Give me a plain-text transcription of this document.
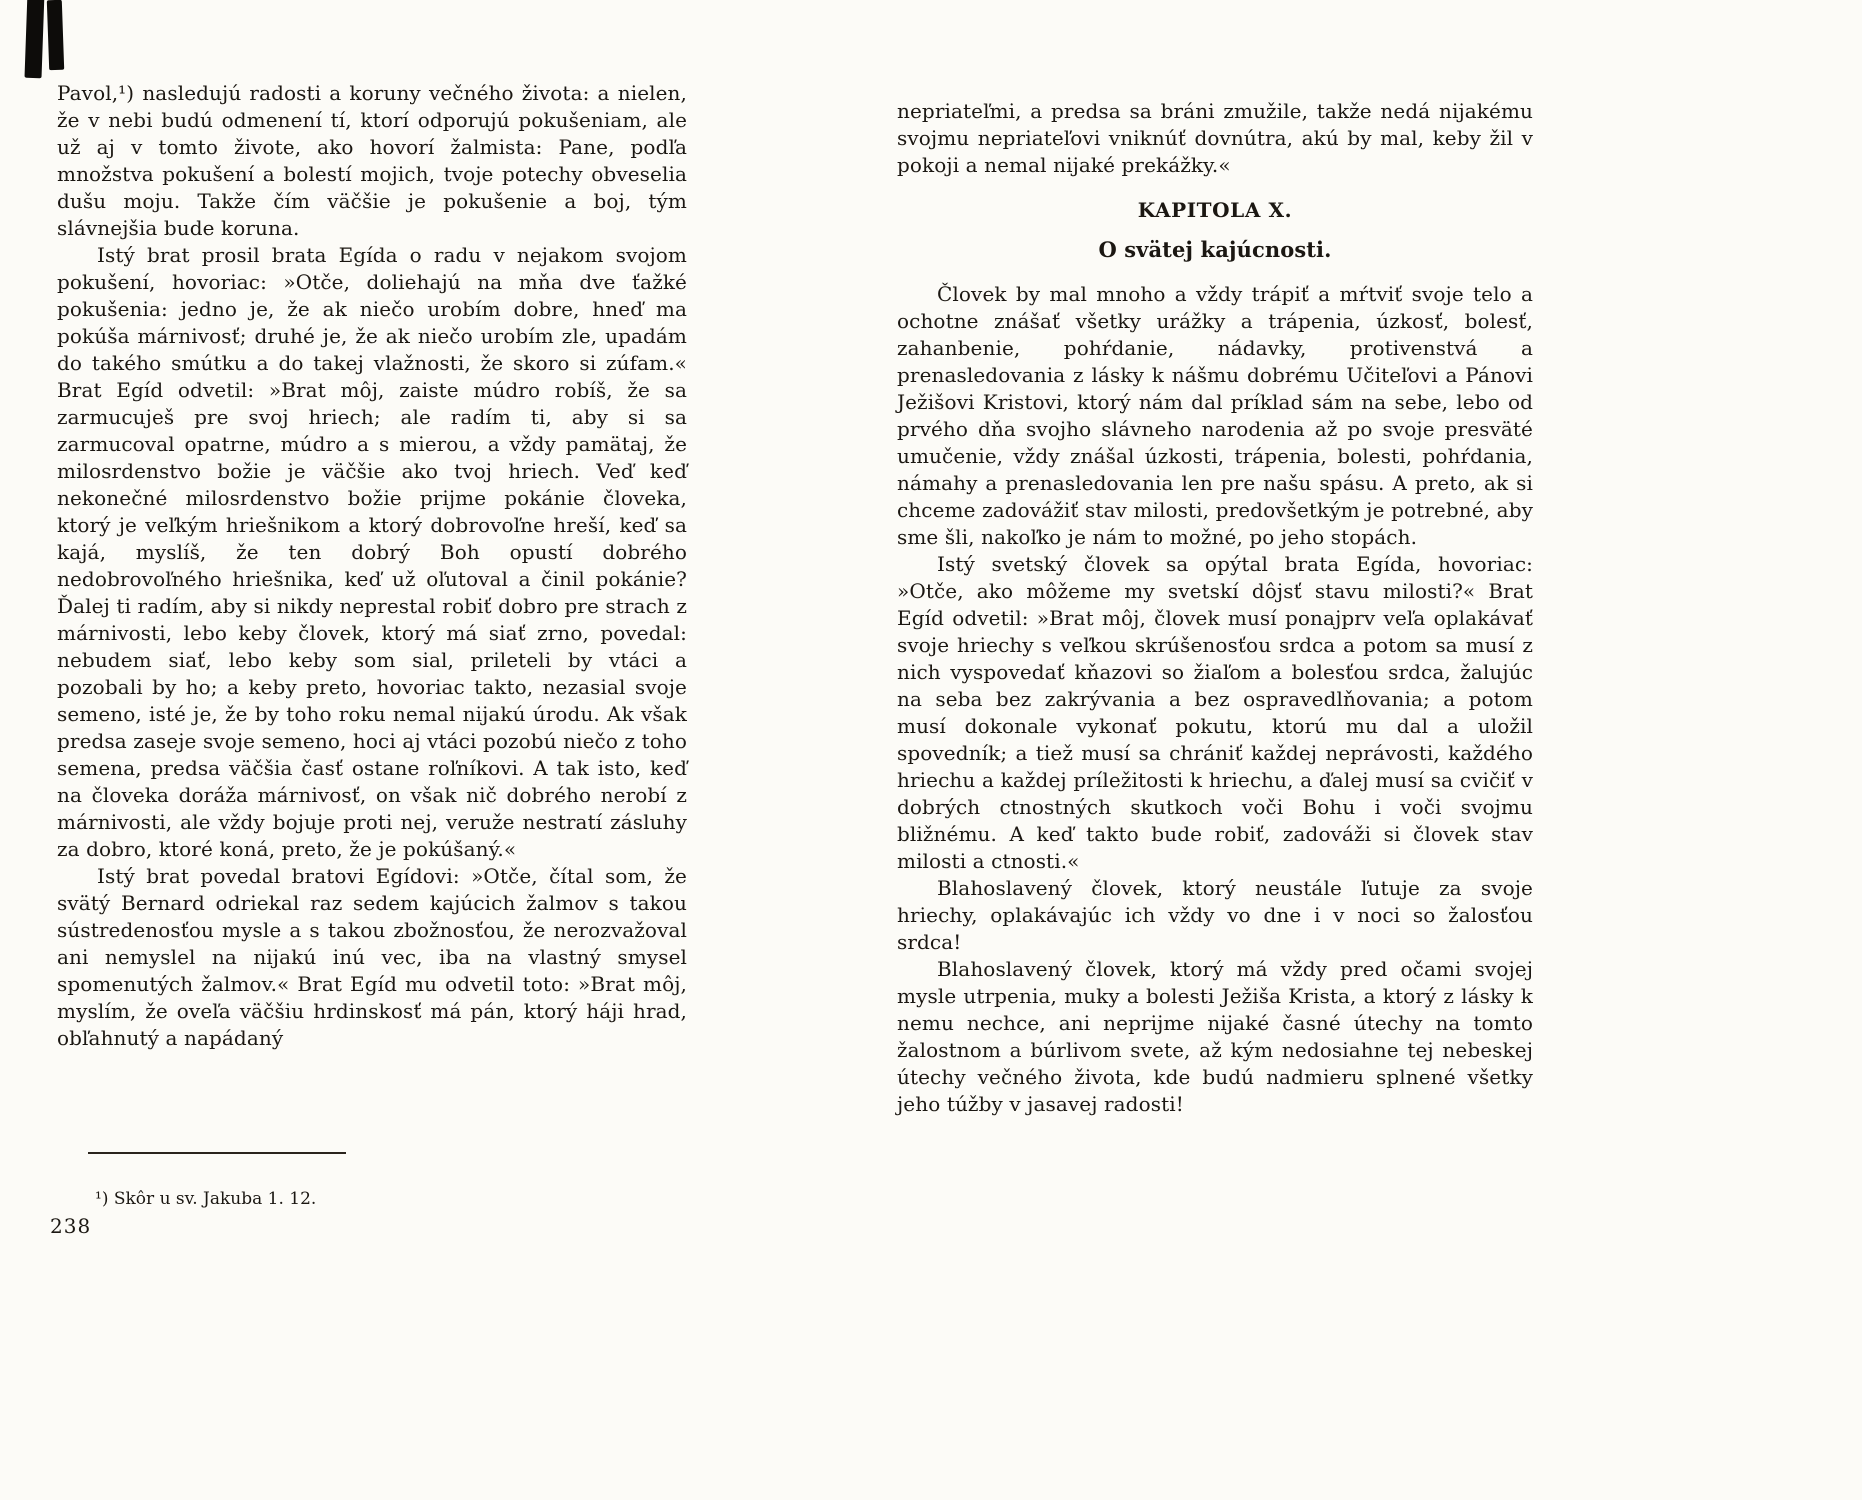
Pavol,¹) nasledujú radosti a koruny večného života: a nielen, že v nebi budú odmenení tí, ktorí odporujú pokušeniam, ale už aj v tomto živote, ako hovorí žalmista: Pane, podľa množstva pokušení a bolestí mojich, tvoje potechy obveselia dušu moju. Takže čím väčšie je pokušenie a boj, tým slávnejšia bude koruna.

Istý brat prosil brata Egída o radu v nejakom svojom pokušení, hovoriac: »Otče, doliehajú na mňa dve ťažké pokušenia: jedno je, že ak niečo urobím dobre, hneď ma pokúša márnivosť; druhé je, že ak niečo urobím zle, upadám do takého smútku a do takej vlažnosti, že skoro si zúfam.« Brat Egíd odvetil: »Brat môj, zaiste múdro robíš, že sa zarmucuješ pre svoj hriech; ale radím ti, aby si sa zarmucoval opatrne, múdro a s mierou, a vždy pamätaj, že milosrdenstvo božie je väčšie ako tvoj hriech. Veď keď nekonečné milosrdenstvo božie prijme pokánie človeka, ktorý je veľkým hriešnikom a ktorý dobrovoľne hreší, keď sa kajá, myslíš, že ten dobrý Boh opustí dobrého nedobrovoľného hriešnika, keď už oľutoval a činil pokánie? Ďalej ti radím, aby si nikdy neprestal robiť dobro pre strach z márnivosti, lebo keby človek, ktorý má siať zrno, povedal: nebudem siať, lebo keby som sial, prileteli by vtáci a pozobali by ho; a keby preto, hovoriac takto, nezasial svoje semeno, isté je, že by toho roku nemal nijakú úrodu. Ak však predsa zaseje svoje semeno, hoci aj vtáci pozobú niečo z toho semena, predsa väčšia časť ostane roľníkovi. A tak isto, keď na človeka doráža márnivosť, on však nič dobrého nerobí z márnivosti, ale vždy bojuje proti nej, veruže nestratí zásluhy za dobro, ktoré koná, preto, že je pokúšaný.«

Istý brat povedal bratovi Egídovi: »Otče, čítal som, že svätý Bernard odriekal raz sedem kajúcich žalmov s takou sústredenosťou mysle a s takou zbožnosťou, že nerozvažoval ani nemyslel na nijakú inú vec, iba na vlastný smysel spomenutých žalmov.« Brat Egíd mu odvetil toto: »Brat môj, myslím, že oveľa väčšiu hrdinskosť má pán, ktorý háji hrad, obľahnutý a napádaný

¹) Skôr u sv. Jakuba 1. 12.

238

nepriateľmi, a predsa sa bráni zmužile, takže nedá nijakému svojmu nepriateľovi vniknúť dovnútra, akú by mal, keby žil v pokoji a nemal nijaké prekážky.«

KAPITOLA X.
O svätej kajúcnosti.

Človek by mal mnoho a vždy trápiť a mŕtviť svoje telo a ochotne znášať všetky urážky a trápenia, úzkosť, bolesť, zahanbenie, pohŕdanie, nádavky, protivenstvá a prenasledovania z lásky k nášmu dobrému Učiteľovi a Pánovi Ježišovi Kristovi, ktorý nám dal príklad sám na sebe, lebo od prvého dňa svojho slávneho narodenia až po svoje presväté umučenie, vždy znášal úzkosti, trápenia, bolesti, pohŕdania, námahy a prenasledovania len pre našu spásu. A preto, ak si chceme zadovážiť stav milosti, predovšetkým je potrebné, aby sme šli, nakoľko je nám to možné, po jeho stopách.

Istý svetský človek sa opýtal brata Egída, hovoriac: »Otče, ako môžeme my svetskí dôjsť stavu milosti?« Brat Egíd odvetil: »Brat môj, človek musí ponajprv veľa oplakávať svoje hriechy s veľkou skrúšenosťou srdca a potom sa musí z nich vyspovedať kňazovi so žiaľom a bolesťou srdca, žalujúc na seba bez zakrývania a bez ospravedlňovania; a potom musí dokonale vykonať pokutu, ktorú mu dal a uložil spovedník; a tiež musí sa chrániť každej neprávosti, každého hriechu a každej príležitosti k hriechu, a ďalej musí sa cvičiť v dobrých ctnostných skutkoch voči Bohu i voči svojmu bližnému. A keď takto bude robiť, zadováži si človek stav milosti a ctnosti.«

Blahoslavený človek, ktorý neustále ľutuje za svoje hriechy, oplakávajúc ich vždy vo dne i v noci so žalosťou srdca!

Blahoslavený človek, ktorý má vždy pred očami svojej mysle utrpenia, muky a bolesti Ježiša Krista, a ktorý z lásky k nemu nechce, ani neprijme nijaké časné útechy na tomto žalostnom a búrlivom svete, až kým nedosiahne tej nebeskej útechy večného života, kde budú nadmieru splnené všetky jeho túžby v jasavej radosti!
